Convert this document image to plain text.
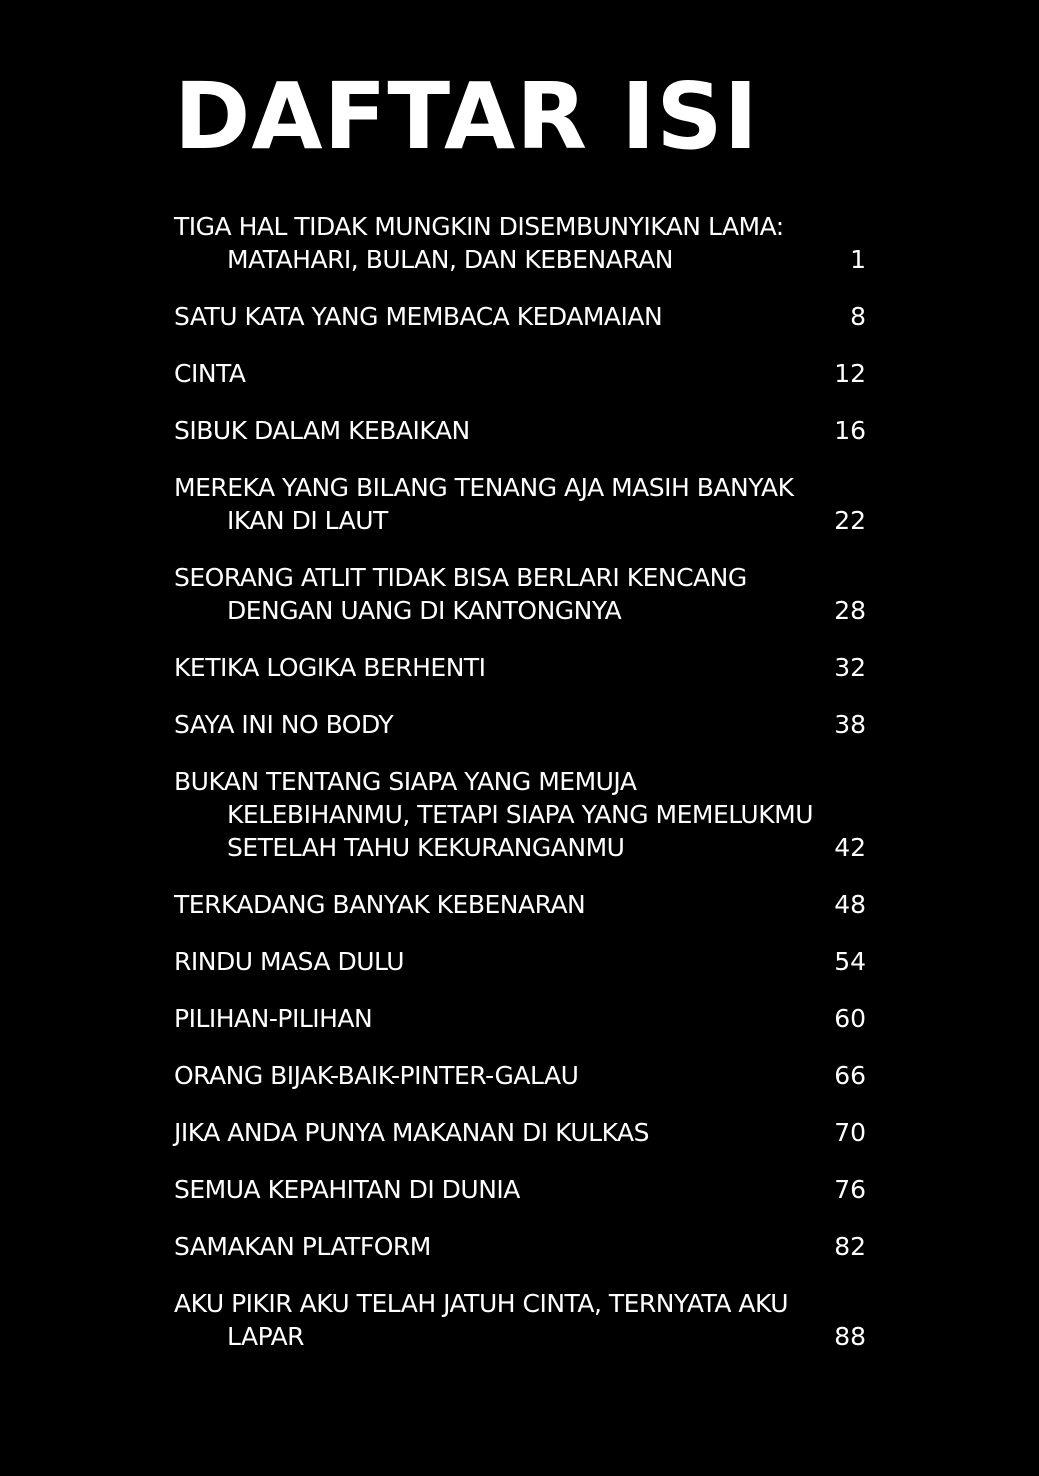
DAFTAR ISI
TIGA HAL TIDAK MUNGKIN DISEMBUNYIKAN LAMA: MATAHARI, BULAN, DAN KEBENARAN	1
SATU KATA YANG MEMBACA KEDAMAIAN	8
CINTA	12
SIBUK DALAM KEBAIKAN	16
MEREKA YANG BILANG TENANG AJA MASIH BANYAK IKAN DI LAUT	22
SEORANG ATLIT TIDAK BISA BERLARI KENCANG DENGAN UANG DI KANTONGNYA	28
KETIKA LOGIKA BERHENTI	32
SAYA INI NO BODY	38
BUKAN TENTANG SIAPA YANG MEMUJA KELEBIHANMU, TETAPI SIAPA YANG MEMELUKMU SETELAH TAHU KEKURANGANMU	42
TERKADANG BANYAK KEBENARAN	48
RINDU MASA DULU	54
PILIHAN-PILIHAN	60
ORANG BIJAK-BAIK-PINTER-GALAU	66
JIKA ANDA PUNYA MAKANAN DI KULKAS	70
SEMUA KEPAHITAN DI DUNIA	76
SAMAKAN PLATFORM	82
AKU PIKIR AKU TELAH JATUH CINTA, TERNYATA AKU LAPAR	88
